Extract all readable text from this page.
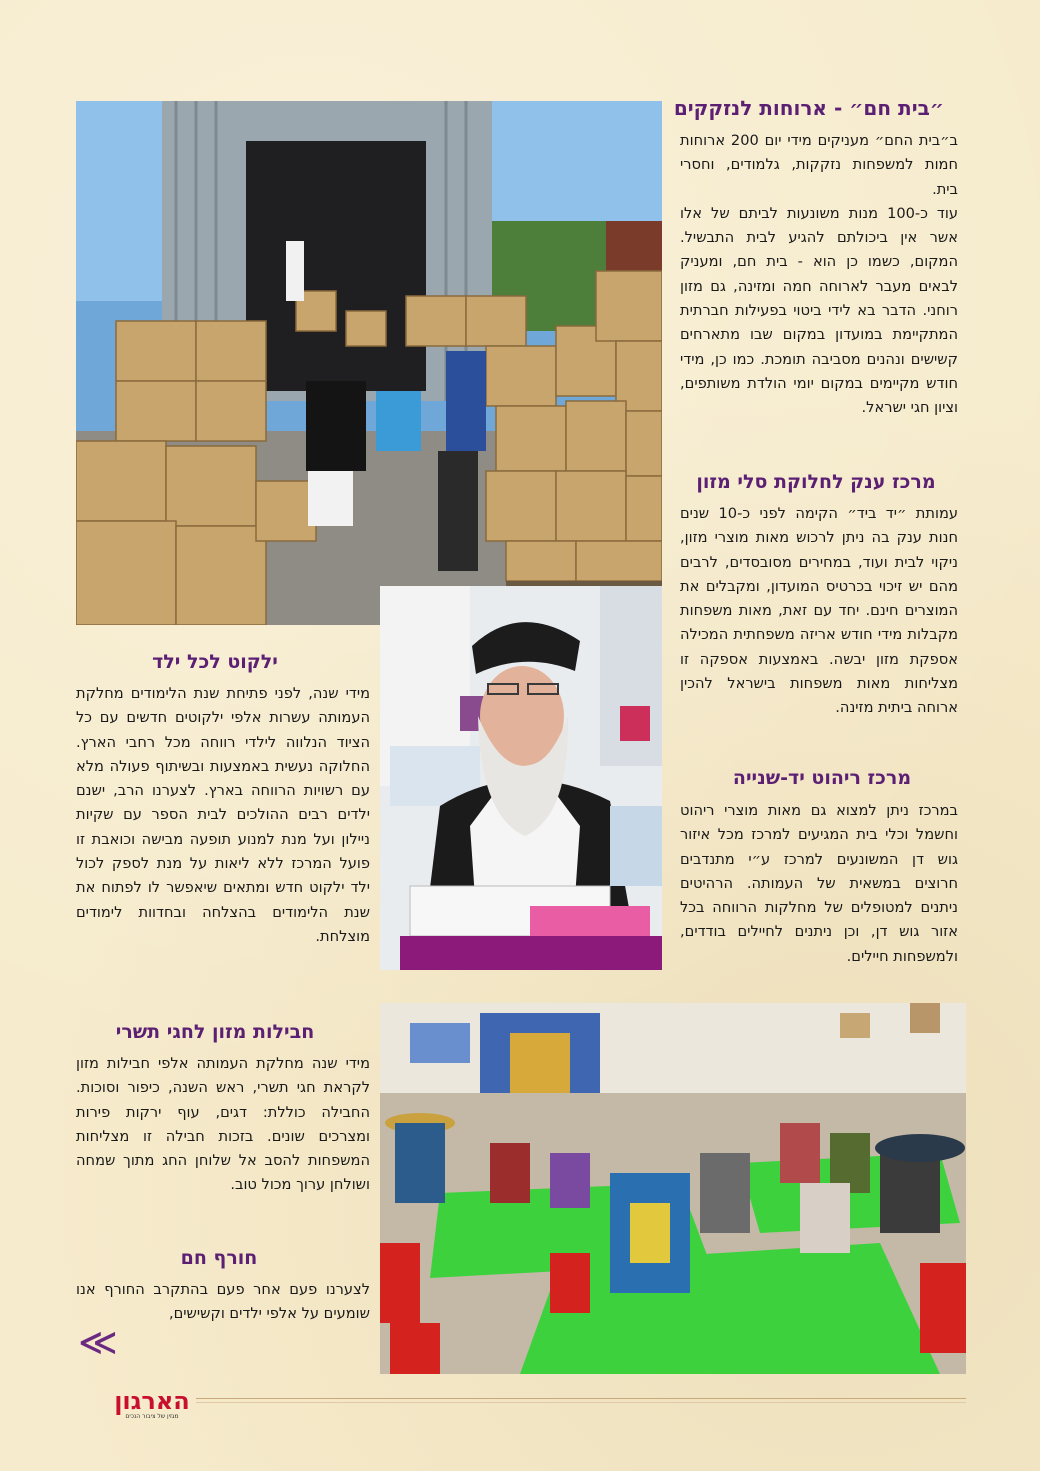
״בית חם״ - ארוחות לנזקקים

ב״בית החם״ מעניקים מידי יום 200 ארוחות חמות למשפחות נזקקות, גלמודים, וחסרי בית.

עוד כ-100 מנות משונעות לביתם של אלו אשר אין ביכולתם להגיע לבית התבשיל. המקום, כשמו כן הוא - בית חם, ומעניק לבאים מעבר לארוחה חמה ומזינה, גם מזון רוחני. הדבר בא לידי ביטוי בפעילות חברתית המתקיימת במועדון במקום שבו מתארחים קשישים ונהנים מסביבה תומכת. כמו כן, מידי חודש מקיימים במקום יומי הולדת משותפים, וציון חגי ישראל.

מרכז ענק לחלוקת סלי מזון

עמותת ״יד ביד״ הקימה לפני כ-10 שנים חנות ענק בה ניתן לרכוש מאות מוצרי מזון, ניקוי לבית ועוד, במחירים מסובסדים, לרבים מהם יש זיכוי בכרטיס המועדון, ומקבלים את המוצרים חינם. יחד עם זאת, מאות משפחות מקבלות מידי חודש אריזה משפחתית המכילה אספקת מזון יבשה. באמצעות אספקה זו מצליחות מאות משפחות בישראל להכין ארוחה ביתית מזינה.

מרכז ריהוט יד-שנייה

במרכז ניתן למצוא גם מאות מוצרי ריהוט וחשמל וכלי בית המגיעים למרכז מכל איזור גוש דן המשונעים למרכז ע״י מתנדבים חרוצים במשאית של העמותה. הרהיטים ניתנים למטופלים של מחלקות הרווחה בכל אזור גוש דן, וכן ניתנים לחיילים בודדים, ולמשפחות חיילים.

ילקוט לכל ילד

מידי שנה, לפני פתיחת שנת הלימודים מחלקת העמותה עשרות אלפי ילקוטים חדשים עם כל הציוד הנלווה לילדי רווחה מכל רחבי הארץ. החלוקה נעשית באמצעות ובשיתוף פעולה מלא עם רשויות הרווחה בארץ. לצערנו הרב, ישנם ילדים רבים ההולכים לבית הספר עם שקיות ניילון ועל מנת למנוע תופעה מבישה וכואבת זו פועל המרכז ללא ליאות על מנת לספק לכול ילד ילקוט חדש ומתאים שיאפשר לו לפתוח את שנת הלימודים בהצלחה ובחדוות לימודים מוצלחת.

חבילות מזון לחגי תשרי

מידי שנה מחלקת העמותה אלפי חבילות מזון לקראת חגי תשרי, ראש השנה, כיפור וסוכות. החבילה כוללת: דגים, עוף ירקות פירות ומצרכים שונים. בזכות חבילה זו מצליחות המשפחות להסב אל שלוחן החג מתוך שמחה ושולחן ערוך מכול טוב.

חורף חם

לצערנו פעם אחר פעם בהתקרב החורף אנו שומעים על אלפי ילדים וקשישים,

≪
הארגון
מגזין של ציבור הנכים
